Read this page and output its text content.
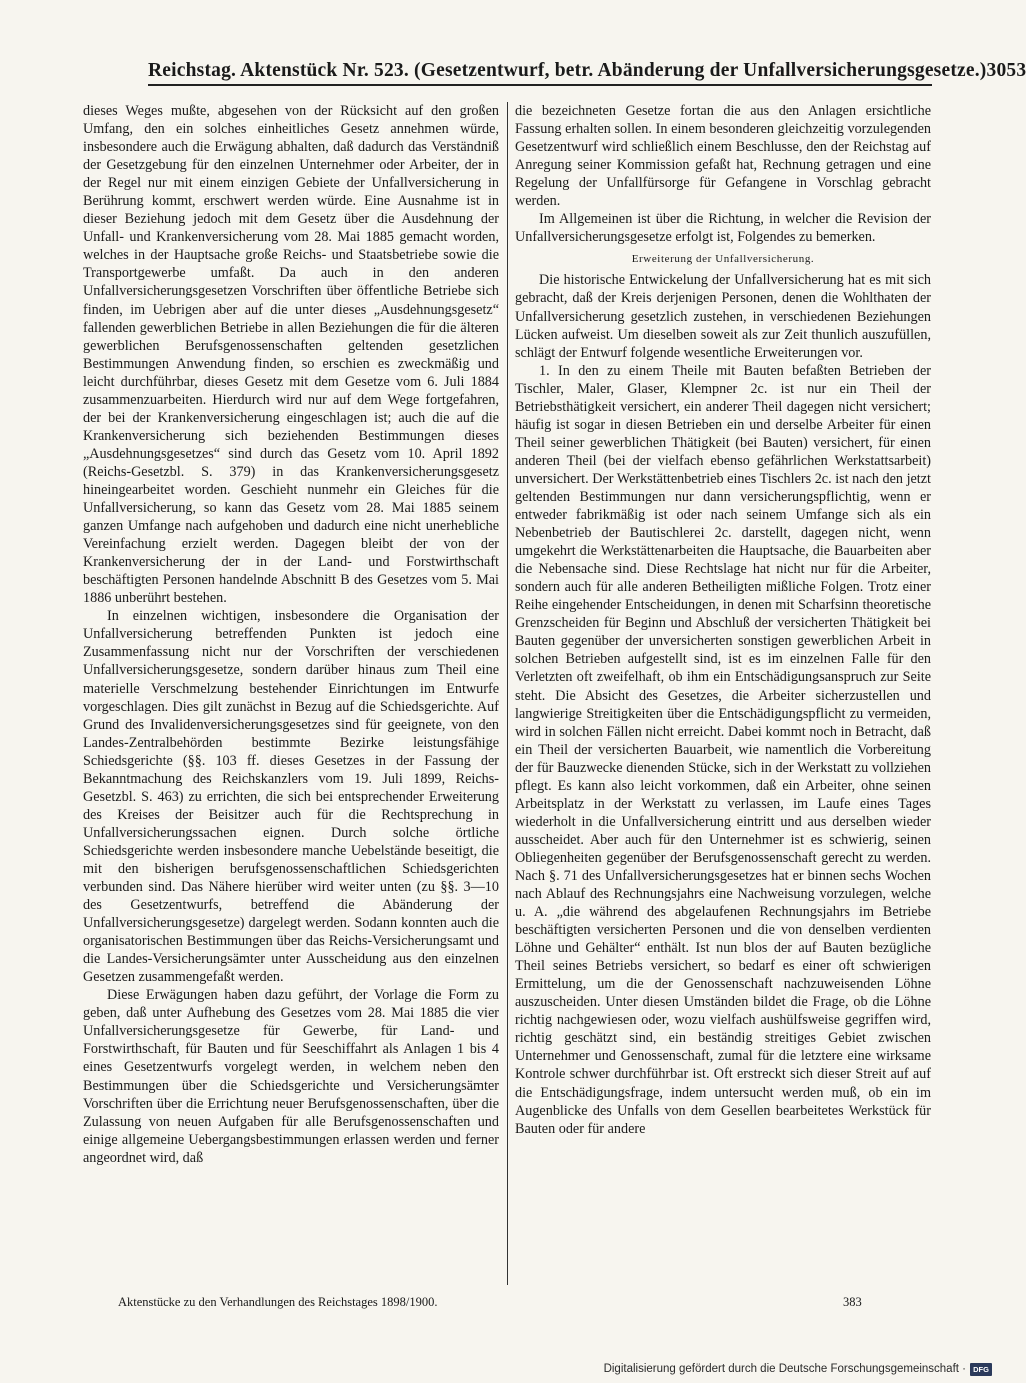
Reichstag. Aktenstück Nr. 523. (Gesetzentwurf, betr. Abänderung der Unfallversicherungsgesetze.) 3053

dieses Weges mußte, abgesehen von der Rücksicht auf den großen Umfang, den ein solches einheitliches Gesetz annehmen würde, insbesondere auch die Erwägung abhalten, daß dadurch das Verständniß der Gesetzgebung für den einzelnen Unternehmer oder Arbeiter, der in der Regel nur mit einem einzigen Gebiete der Unfallversicherung in Berührung kommt, erschwert werden würde. Eine Ausnahme ist in dieser Beziehung jedoch mit dem Gesetz über die Ausdehnung der Unfall- und Krankenversicherung vom 28. Mai 1885 gemacht worden, welches in der Hauptsache große Reichs- und Staatsbetriebe sowie die Transportgewerbe umfaßt. Da auch in den anderen Unfallversicherungsgesetzen Vorschriften über öffentliche Betriebe sich finden, im Uebrigen aber auf die unter dieses „Ausdehnungsgesetz“ fallenden gewerblichen Betriebe in allen Beziehungen die für die älteren gewerblichen Berufsgenossenschaften geltenden gesetzlichen Bestimmungen Anwendung finden, so erschien es zweckmäßig und leicht durchführbar, dieses Gesetz mit dem Gesetze vom 6. Juli 1884 zusammenzuarbeiten. Hierdurch wird nur auf dem Wege fortgefahren, der bei der Krankenversicherung eingeschlagen ist; auch die auf die Krankenversicherung sich beziehenden Bestimmungen dieses „Ausdehnungsgesetzes“ sind durch das Gesetz vom 10. April 1892 (Reichs-Gesetzbl. S. 379) in das Krankenversicherungsgesetz hineingearbeitet worden. Geschieht nunmehr ein Gleiches für die Unfallversicherung, so kann das Gesetz vom 28. Mai 1885 seinem ganzen Umfange nach aufgehoben und dadurch eine nicht unerhebliche Vereinfachung erzielt werden. Dagegen bleibt der von der Krankenversicherung der in der Land- und Forstwirthschaft beschäftigten Personen handelnde Abschnitt B des Gesetzes vom 5. Mai 1886 unberührt bestehen.

In einzelnen wichtigen, insbesondere die Organisation der Unfallversicherung betreffenden Punkten ist jedoch eine Zusammenfassung nicht nur der Vorschriften der verschiedenen Unfallversicherungsgesetze, sondern darüber hinaus zum Theil eine materielle Verschmelzung bestehender Einrichtungen im Entwurfe vorgeschlagen. Dies gilt zunächst in Bezug auf die Schiedsgerichte. Auf Grund des Invalidenversicherungsgesetzes sind für geeignete, von den Landes-Zentralbehörden bestimmte Bezirke leistungsfähige Schiedsgerichte (§§. 103 ff. dieses Gesetzes in der Fassung der Bekanntmachung des Reichskanzlers vom 19. Juli 1899, Reichs-Gesetzbl. S. 463) zu errichten, die sich bei entsprechender Erweiterung des Kreises der Beisitzer auch für die Rechtsprechung in Unfallversicherungssachen eignen. Durch solche örtliche Schiedsgerichte werden insbesondere manche Uebelstände beseitigt, die mit den bisherigen berufsgenossenschaftlichen Schiedsgerichten verbunden sind. Das Nähere hierüber wird weiter unten (zu §§. 3—10 des Gesetzentwurfs, betreffend die Abänderung der Unfallversicherungsgesetze) dargelegt werden. Sodann konnten auch die organisatorischen Bestimmungen über das Reichs-Versicherungsamt und die Landes-Versicherungsämter unter Ausscheidung aus den einzelnen Gesetzen zusammengefaßt werden.

Diese Erwägungen haben dazu geführt, der Vorlage die Form zu geben, daß unter Aufhebung des Gesetzes vom 28. Mai 1885 die vier Unfallversicherungsgesetze für Gewerbe, für Land- und Forstwirthschaft, für Bauten und für Seeschiffahrt als Anlagen 1 bis 4 eines Gesetzentwurfs vorgelegt werden, in welchem neben den Bestimmungen über die Schiedsgerichte und Versicherungsämter Vorschriften über die Errichtung neuer Berufsgenossenschaften, über die Zulassung von neuen Aufgaben für alle Berufsgenossenschaften und einige allgemeine Uebergangsbestimmungen erlassen werden und ferner angeordnet wird, daß

die bezeichneten Gesetze fortan die aus den Anlagen ersichtliche Fassung erhalten sollen. In einem besonderen gleichzeitig vorzulegenden Gesetzentwurf wird schließlich einem Beschlusse, den der Reichstag auf Anregung seiner Kommission gefaßt hat, Rechnung getragen und eine Regelung der Unfallfürsorge für Gefangene in Vorschlag gebracht werden.

Im Allgemeinen ist über die Richtung, in welcher die Revision der Unfallversicherungsgesetze erfolgt ist, Folgendes zu bemerken.

Erweiterung der Unfallversicherung.

Die historische Entwickelung der Unfallversicherung hat es mit sich gebracht, daß der Kreis derjenigen Personen, denen die Wohlthaten der Unfallversicherung gesetzlich zustehen, in verschiedenen Beziehungen Lücken aufweist. Um dieselben soweit als zur Zeit thunlich auszufüllen, schlägt der Entwurf folgende wesentliche Erweiterungen vor.

1. In den zu einem Theile mit Bauten befaßten Betrieben der Tischler, Maler, Glaser, Klempner 2c. ist nur ein Theil der Betriebsthätigkeit versichert, ein anderer Theil dagegen nicht versichert; häufig ist sogar in diesen Betrieben ein und derselbe Arbeiter für einen Theil seiner gewerblichen Thätigkeit (bei Bauten) versichert, für einen anderen Theil (bei der vielfach ebenso gefährlichen Werkstattsarbeit) unversichert. Der Werkstättenbetrieb eines Tischlers 2c. ist nach den jetzt geltenden Bestimmungen nur dann versicherungspflichtig, wenn er entweder fabrikmäßig ist oder nach seinem Umfange sich als ein Nebenbetrieb der Bautischlerei 2c. darstellt, dagegen nicht, wenn umgekehrt die Werkstättenarbeiten die Hauptsache, die Bauarbeiten aber die Nebensache sind. Diese Rechtslage hat nicht nur für die Arbeiter, sondern auch für alle anderen Betheiligten mißliche Folgen. Trotz einer Reihe eingehender Entscheidungen, in denen mit Scharfsinn theoretische Grenzscheiden für Beginn und Abschluß der versicherten Thätigkeit bei Bauten gegenüber der unversicherten sonstigen gewerblichen Arbeit in solchen Betrieben aufgestellt sind, ist es im einzelnen Falle für den Verletzten oft zweifelhaft, ob ihm ein Entschädigungsanspruch zur Seite steht. Die Absicht des Gesetzes, die Arbeiter sicherzustellen und langwierige Streitigkeiten über die Entschädigungspflicht zu vermeiden, wird in solchen Fällen nicht erreicht. Dabei kommt noch in Betracht, daß ein Theil der versicherten Bauarbeit, wie namentlich die Vorbereitung der für Bauzwecke dienenden Stücke, sich in der Werkstatt zu vollziehen pflegt. Es kann also leicht vorkommen, daß ein Arbeiter, ohne seinen Arbeitsplatz in der Werkstatt zu verlassen, im Laufe eines Tages wiederholt in die Unfallversicherung eintritt und aus derselben wieder ausscheidet. Aber auch für den Unternehmer ist es schwierig, seinen Obliegenheiten gegenüber der Berufsgenossenschaft gerecht zu werden. Nach §. 71 des Unfallversicherungsgesetzes hat er binnen sechs Wochen nach Ablauf des Rechnungsjahrs eine Nachweisung vorzulegen, welche u. A. „die während des abgelaufenen Rechnungsjahrs im Betriebe beschäftigten versicherten Personen und die von denselben verdienten Löhne und Gehälter“ enthält. Ist nun blos der auf Bauten bezügliche Theil seines Betriebs versichert, so bedarf es einer oft schwierigen Ermittelung, um die der Genossenschaft nachzuweisenden Löhne auszuscheiden. Unter diesen Umständen bildet die Frage, ob die Löhne richtig nachgewiesen oder, wozu vielfach aushülfsweise gegriffen wird, richtig geschätzt sind, ein beständig streitiges Gebiet zwischen Unternehmer und Genossenschaft, zumal für die letztere eine wirksame Kontrole schwer durchführbar ist. Oft erstreckt sich dieser Streit auf auf die Entschädigungsfrage, indem untersucht werden muß, ob ein im Augenblicke des Unfalls von dem Gesellen bearbeitetes Werkstück für Bauten oder für andere

Aktenstücke zu den Verhandlungen des Reichstages 1898/1900.	383
Digitalisierung gefördert durch die Deutsche Forschungsgemeinschaft · DFG
